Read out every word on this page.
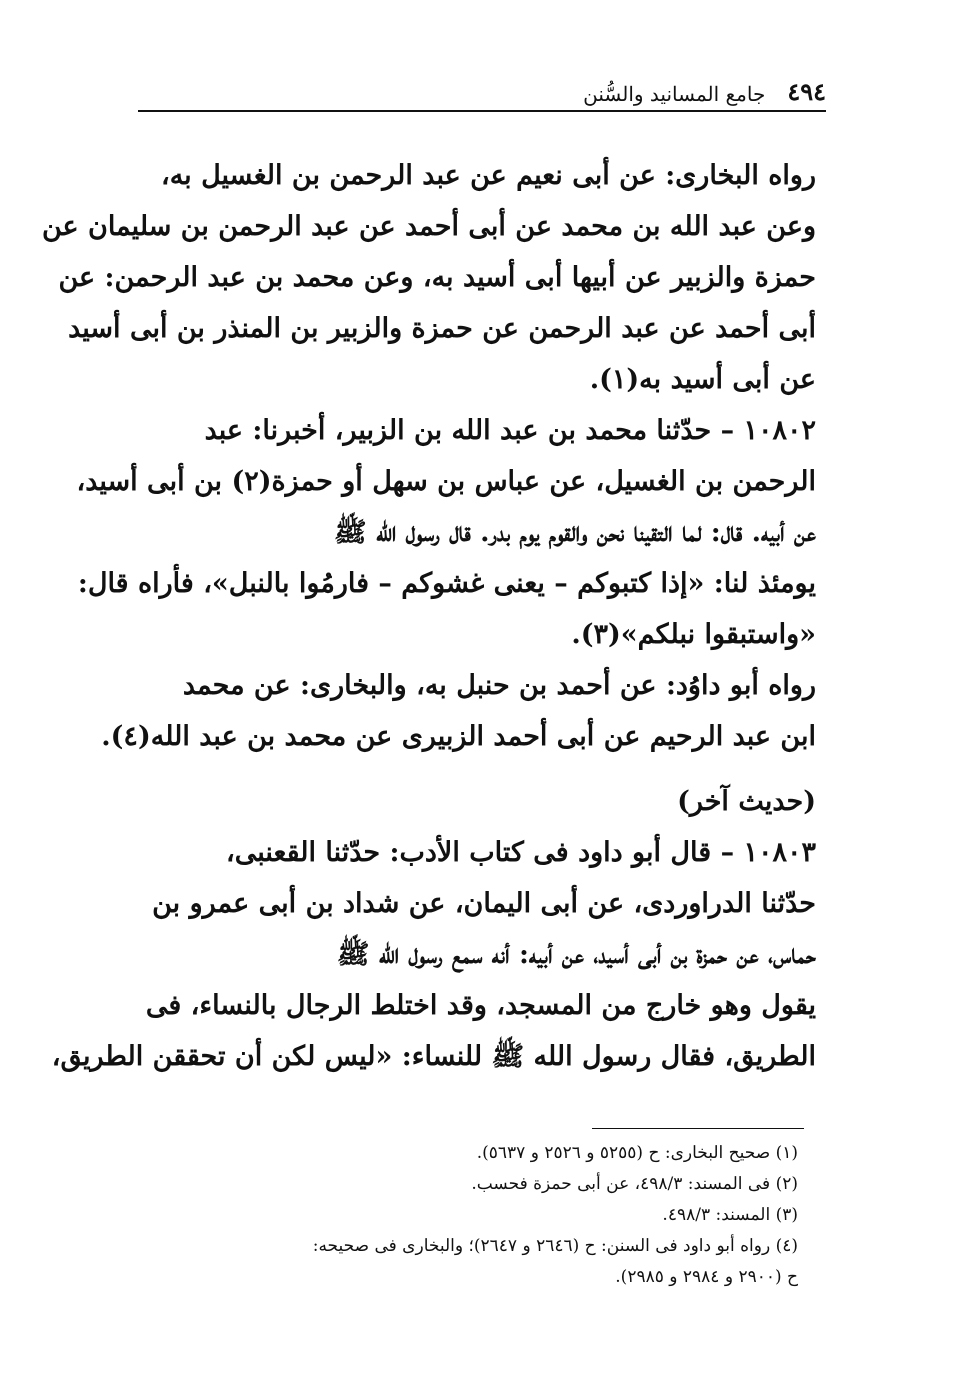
٤٩٤
جامع المسانيد والسُّنن

رواه البخارى: عن أبى نعيم عن عبد الرحمن بن الغسيل به،
وعن عبد الله بن محمد عن أبى أحمد عن عبد الرحمن بن سليمان عن
حمزة والزبير عن أبيها أبى أسيد به، وعن محمد بن عبد الرحمن: عن
أبى أحمد عن عبد الرحمن عن حمزة والزبير بن المنذر بن أبى أسيد
عن أبى أسيد به(١).

١٠٨٠٢ – حدّثنا محمد بن عبد الله بن الزبير، أخبرنا: عبد
الرحمن بن الغسيل، عن عباس بن سهل أو حمزة(٢) بن أبى أسيد،
عن أبيه. قال: لما التقينا نحن والقوم يوم بدر. قال رسول الله ﷺ
يومئذ لنا: «إذا كتبوكم – يعنى غشوكم – فارمُوا بالنبل»، فأراه قال:
«واستبقوا نبلكم»(٣).

رواه أبو داوُد: عن أحمد بن حنبل به، والبخارى: عن محمد
ابن عبد الرحيم عن أبى أحمد الزبيرى عن محمد بن عبد الله(٤).

(حديث آخر)

١٠٨٠٣ – قال أبو داود فى كتاب الأدب: حدّثنا القعنبى،
حدّثنا الدراوردى، عن أبى اليمان، عن شداد بن أبى عمرو بن
حماس، عن حمزة بن أبى أسيد، عن أبيه: أنه سمع رسول الله ﷺ
يقول وهو خارج من المسجد، وقد اختلط الرجال بالنساء، فى
الطريق، فقال رسول الله ﷺ للنساء: «ليس لكن أن تحققن الطريق،

(١) صحيح البخارى: ح (٥٢٥٥ و ٢٥٢٦ و ٥٦٣٧).
(٢) فى المسند: ٤٩٨/٣، عن أبى حمزة فحسب.
(٣) المسند: ٤٩٨/٣.
(٤) رواه أبو داود فى السنن: ح (٢٦٤٦ و ٢٦٤٧)؛ والبخارى فى صحيحه:
ح (٢٩٠٠ و ٢٩٨٤ و ٢٩٨٥).
